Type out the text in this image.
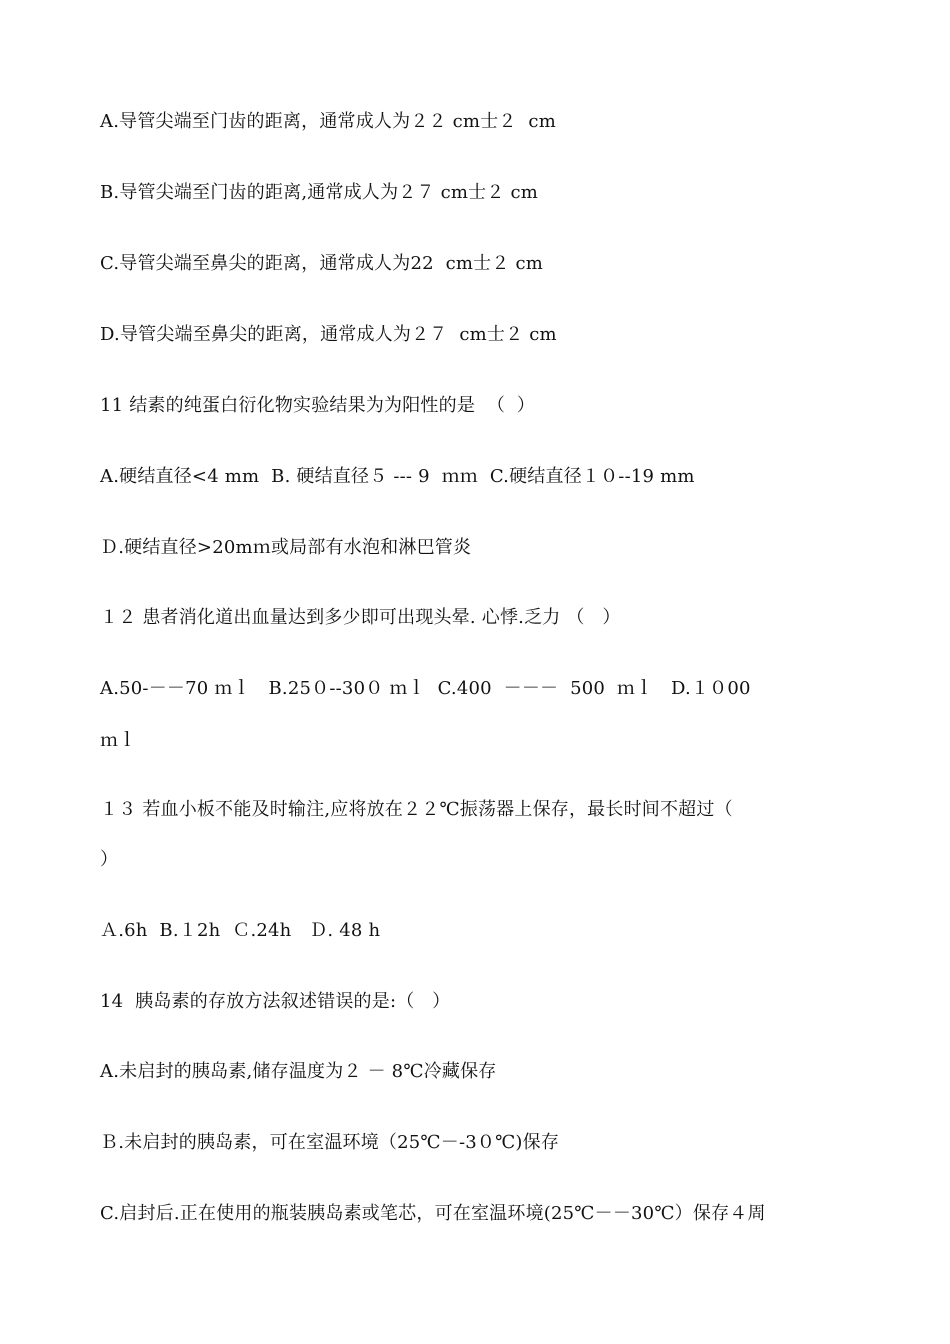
A.导管尖端至门齿的距离，通常成人为２２ cm士２  cm
B.导管尖端至门齿的距离,通常成人为２７ cm士２ cm
C.导管尖端至鼻尖的距离，通常成人为22  cm士２ cm
D.导管尖端至鼻尖的距离，通常成人为２７  cm士２ cm
11 结素的纯蛋白衍化物实验结果为为阳性的是  （  ）
A.硬结直径<4 mm  B. 硬结直径５ --- 9  ｍｍ  C.硬结直径１０--19 mm
Ｄ.硬结直径>20mｍ或局部有水泡和淋巴管炎
１２ 患者消化道出血量达到多少即可出现头晕. 心悸.乏力 （   ）
A.50-－－70 ｍｌ   B.25０--30０ ｍｌ  C.400  －－－  500  ｍｌ   D.１０00
ｍｌ
１３ 若血小板不能及时输注,应将放在２２℃振荡器上保存，最长时间不超过（
）
Ａ.6h  B.１2h  Ｃ.24h   Ｄ. 48 h
14  胰岛素的存放方法叙述错误的是:（   ）
A.未启封的胰岛素,储存温度为２ － 8℃冷藏保存
Ｂ.未启封的胰岛素，可在室温环境（25℃－-3０℃)保存
C.启封后.正在使用的瓶装胰岛素或笔芯，可在室温环境(25℃－－30℃）保存４周
